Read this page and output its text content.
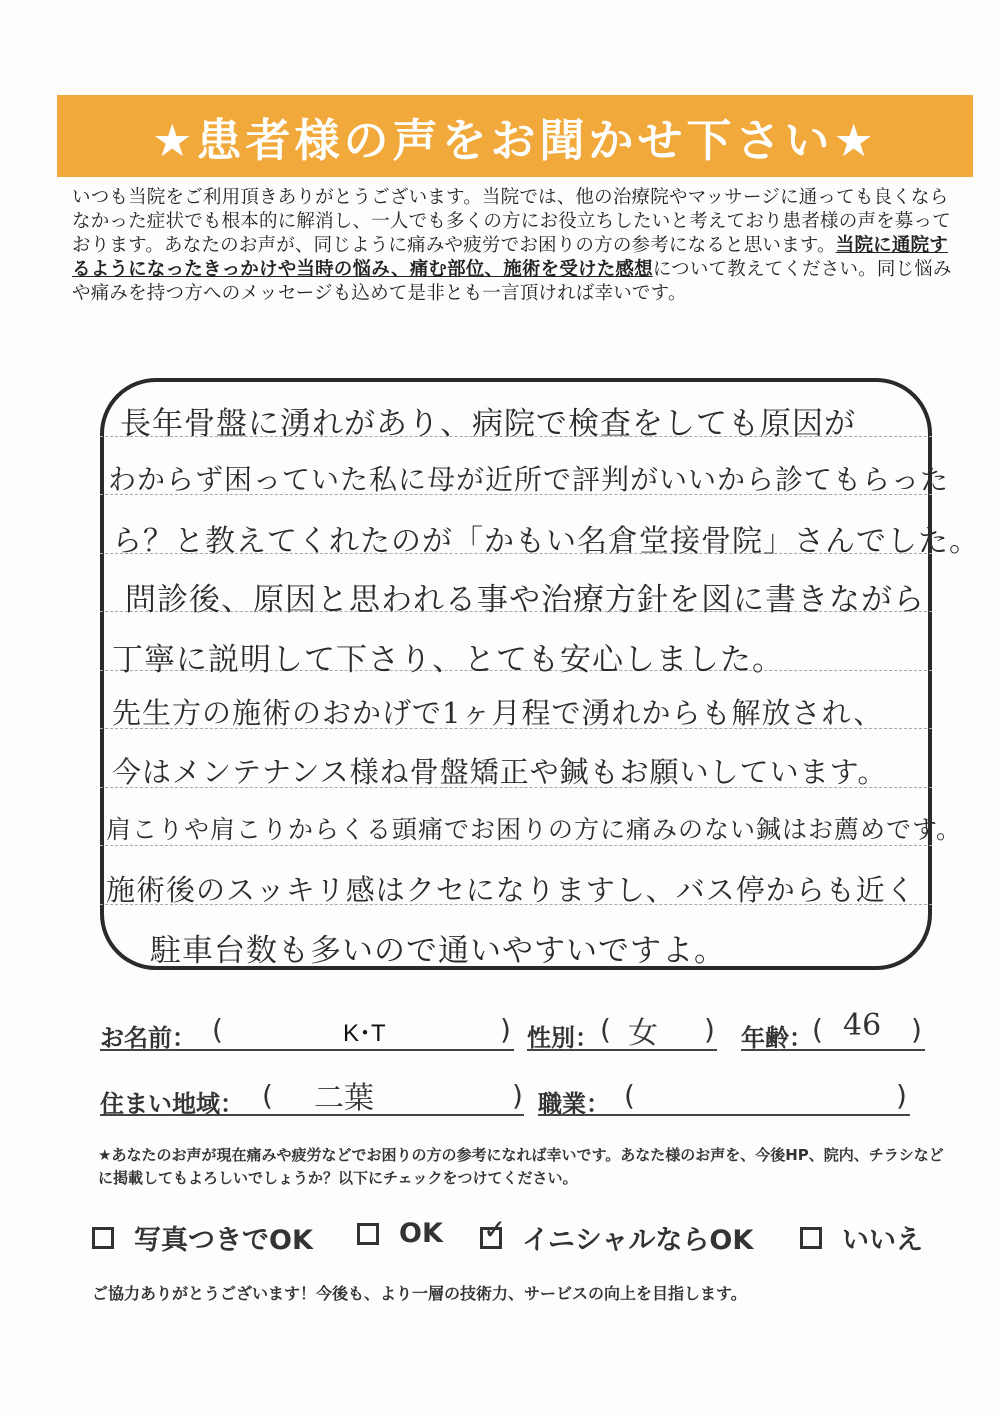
★患者様の声をお聞かせ下さい★
いつも当院をご利用頂きありがとうございます。当院では、他の治療院やマッサージに通っても良くならなかった症状でも根本的に解消し、一人でも多くの方にお役立ちしたいと考えており患者様の声を募っております。あなたのお声が、同じように痛みや疲労でお困りの方の参考になると思います。当院に通院するようになったきっかけや当時の悩み、痛む部位、施術を受けた感想について教えてください。同じ悩みや痛みを持つ方へのメッセージも込めて是非とも一言頂ければ幸いです。
長年骨盤に湧れがあり、病院で検査をしても原因が
わからず困っていた私に母が近所で評判がいいから診てもらった
ら？と教えてくれたのが「かもい名倉堂接骨院」さんでした。
問診後、原因と思われる事や治療方針を図に書きながら
丁寧に説明して下さり、とても安心しました。
先生方の施術のおかげで1ヶ月程で湧れからも解放され、
今はメンテナンス様ね骨盤矯正や鍼もお願いしています。
肩こりや肩こりからくる頭痛でお困りの方に痛みのない鍼はお薦めです。
施術後のスッキリ感はクセになりますし、バス停からも近く
駐車台数も多いので通いやすいですよ。
お名前： (	K･T	) 性別： ( 女 ) 年齢： ( 46 )
住まい地域： ( 二葉	) 職業： (	)
★あなたのお声が現在痛みや疲労などでお困りの方の参考になれば幸いです。あなた様のお声を、今後HP、院内、チラシなどに掲載してもよろしいでしょうか？以下にチェックをつけてください。
写真つきでOK	OK ✓ イニシャルならOK	いいえ
ご協力ありがとうございます！今後も、より一層の技術力、サービスの向上を目指します。
